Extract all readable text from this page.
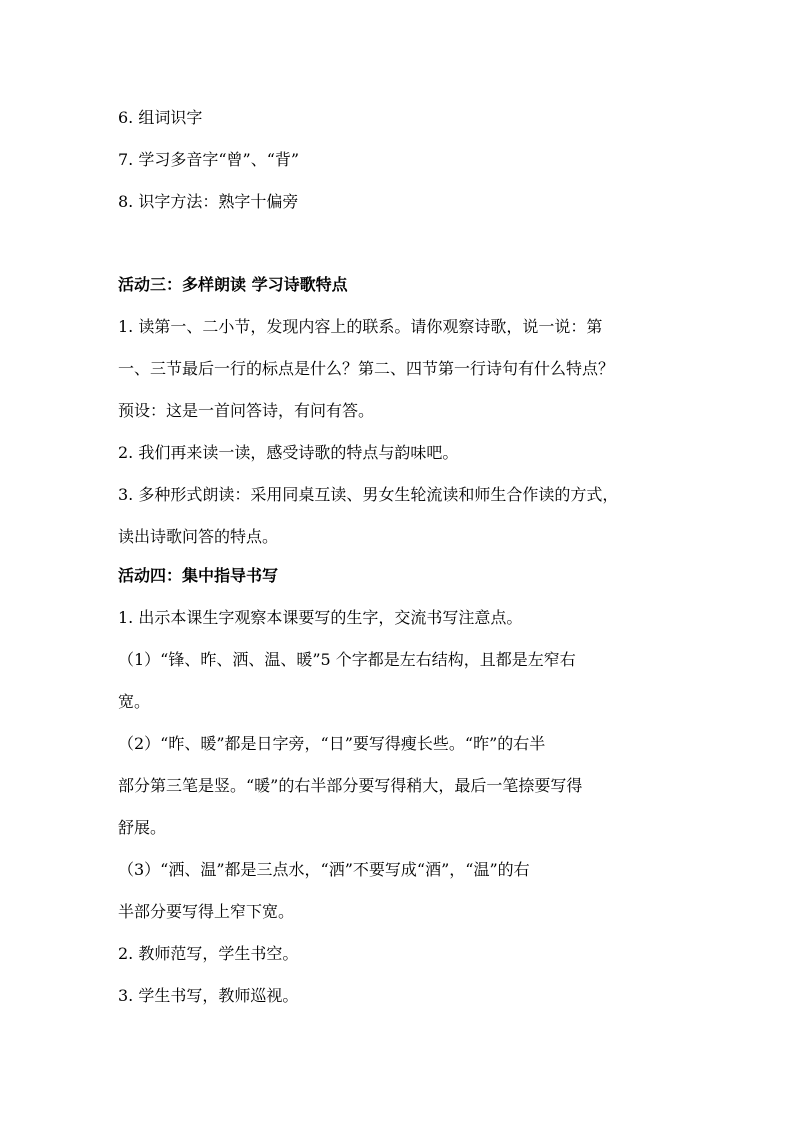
6. 组词识字
7. 学习多音字“曾”、“背”
8. 识字方法：熟字十偏旁
活动三：多样朗读 学习诗歌特点
1. 读第一、二小节，发现内容上的联系。请你观察诗歌，说一说：第
一、三节最后一行的标点是什么？第二、四节第一行诗句有什么特点？
预设：这是一首问答诗，有问有答。
2. 我们再来读一读，感受诗歌的特点与韵味吧。
3. 多种形式朗读：采用同桌互读、男女生轮流读和师生合作读的方式，
读出诗歌问答的特点。
活动四：集中指导书写
1. 出示本课生字观察本课要写的生字，交流书写注意点。
（1）“锋、昨、洒、温、暖”5 个字都是左右结构，且都是左窄右
宽。
（2）“昨、暖”都是日字旁，“日”要写得瘦长些。“昨”的右半
部分第三笔是竖。“暖”的右半部分要写得稍大，最后一笔捺要写得
舒展。
（3）“洒、温”都是三点水，“洒”不要写成“酒”，“温”的右
半部分要写得上窄下宽。
2. 教师范写，学生书空。
3. 学生书写，教师巡视。
